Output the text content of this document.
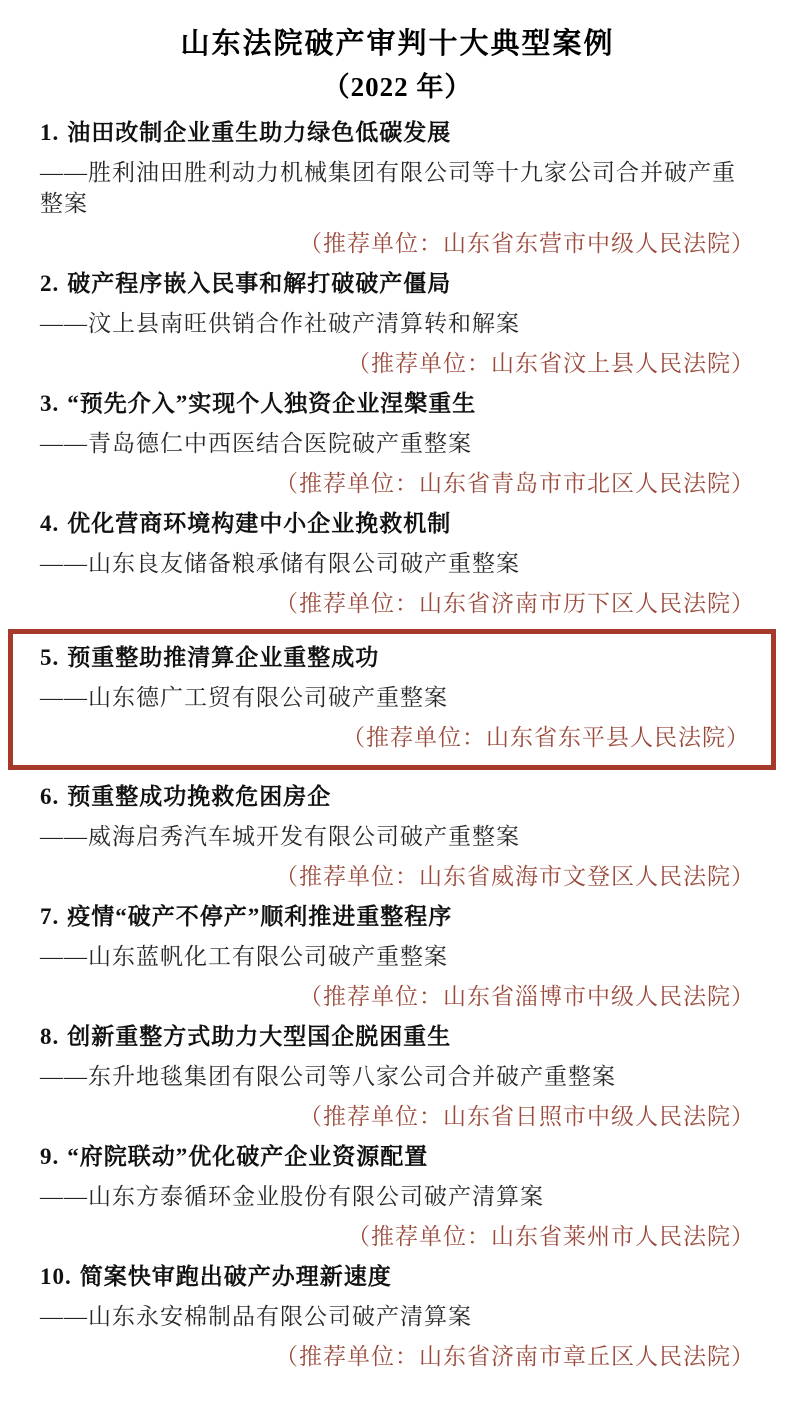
山东法院破产审判十大典型案例
（2022 年）

1. 油田改制企业重生助力绿色低碳发展

——胜利油田胜利动力机械集团有限公司等十九家公司合并破产重整案

（推荐单位：山东省东营市中级人民法院）

2. 破产程序嵌入民事和解打破破产僵局

——汶上县南旺供销合作社破产清算转和解案

（推荐单位：山东省汶上县人民法院）

3. “预先介入”实现个人独资企业涅槃重生

——青岛德仁中西医结合医院破产重整案

（推荐单位：山东省青岛市市北区人民法院）

4. 优化营商环境构建中小企业挽救机制

——山东良友储备粮承储有限公司破产重整案

（推荐单位：山东省济南市历下区人民法院）

5. 预重整助推清算企业重整成功

——山东德广工贸有限公司破产重整案

（推荐单位：山东省东平县人民法院）

6. 预重整成功挽救危困房企

——威海启秀汽车城开发有限公司破产重整案

（推荐单位：山东省威海市文登区人民法院）

7. 疫情“破产不停产”顺利推进重整程序

——山东蓝帆化工有限公司破产重整案

（推荐单位：山东省淄博市中级人民法院）

8. 创新重整方式助力大型国企脱困重生

——东升地毯集团有限公司等八家公司合并破产重整案

（推荐单位：山东省日照市中级人民法院）

9. “府院联动”优化破产企业资源配置

——山东方泰循环金业股份有限公司破产清算案

（推荐单位：山东省莱州市人民法院）

10. 简案快审跑出破产办理新速度

——山东永安棉制品有限公司破产清算案

（推荐单位：山东省济南市章丘区人民法院）
